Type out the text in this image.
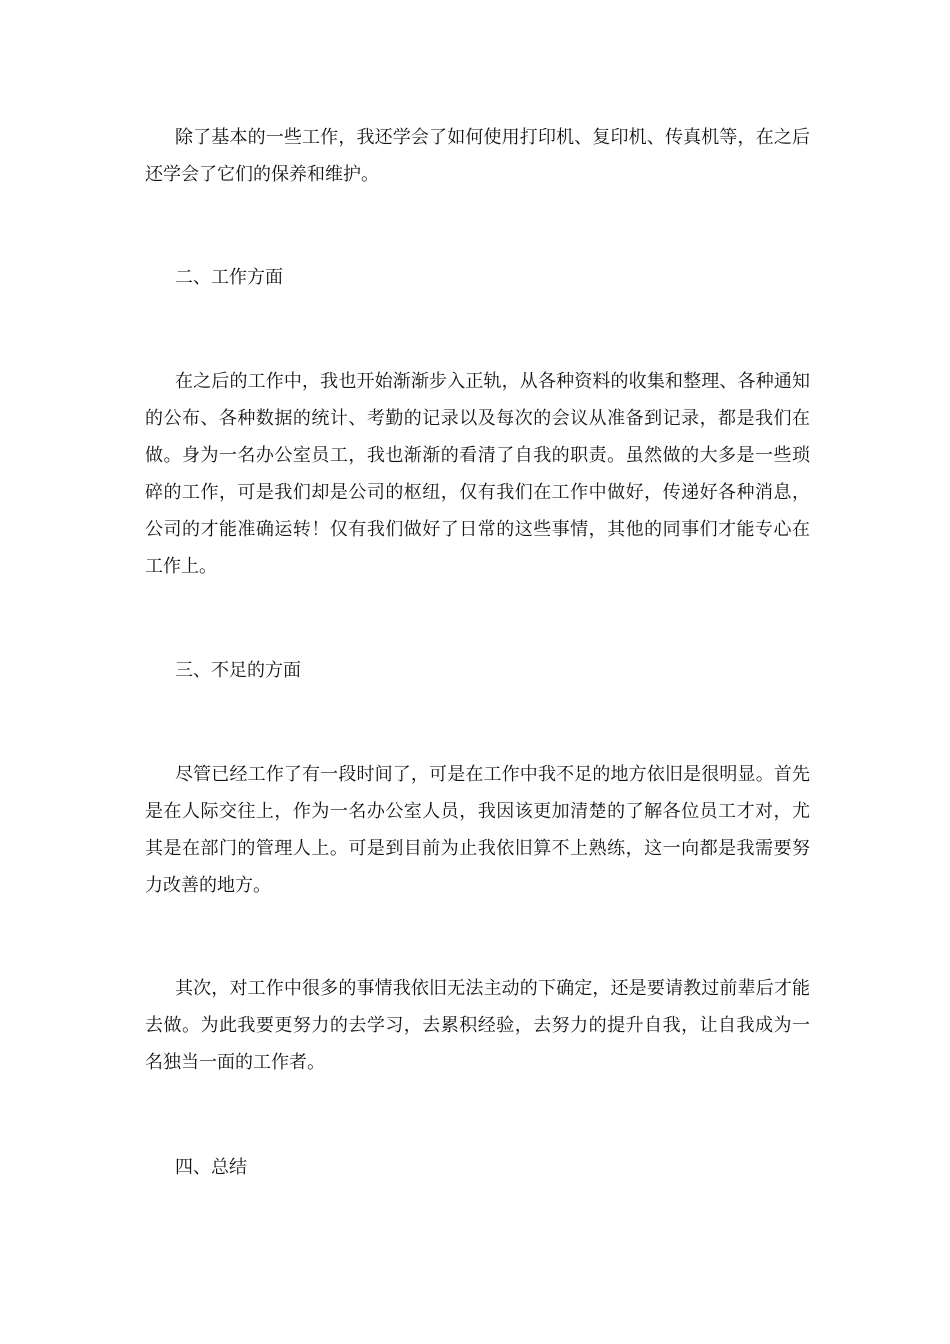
除了基本的一些工作，我还学会了如何使用打印机、复印机、传真机等，在之后还学会了它们的保养和维护。

二、工作方面

在之后的工作中，我也开始渐渐步入正轨，从各种资料的收集和整理、各种通知的公布、各种数据的统计、考勤的记录以及每次的会议从准备到记录，都是我们在做。身为一名办公室员工，我也渐渐的看清了自我的职责。虽然做的大多是一些琐碎的工作，可是我们却是公司的枢纽，仅有我们在工作中做好，传递好各种消息，公司的才能准确运转！仅有我们做好了日常的这些事情，其他的同事们才能专心在工作上。

三、不足的方面

尽管已经工作了有一段时间了，可是在工作中我不足的地方依旧是很明显。首先是在人际交往上，作为一名办公室人员，我因该更加清楚的了解各位员工才对，尤其是在部门的管理人上。可是到目前为止我依旧算不上熟练，这一向都是我需要努力改善的地方。

其次，对工作中很多的事情我依旧无法主动的下确定，还是要请教过前辈后才能去做。为此我要更努力的去学习，去累积经验，去努力的提升自我，让自我成为一名独当一面的工作者。

四、总结
